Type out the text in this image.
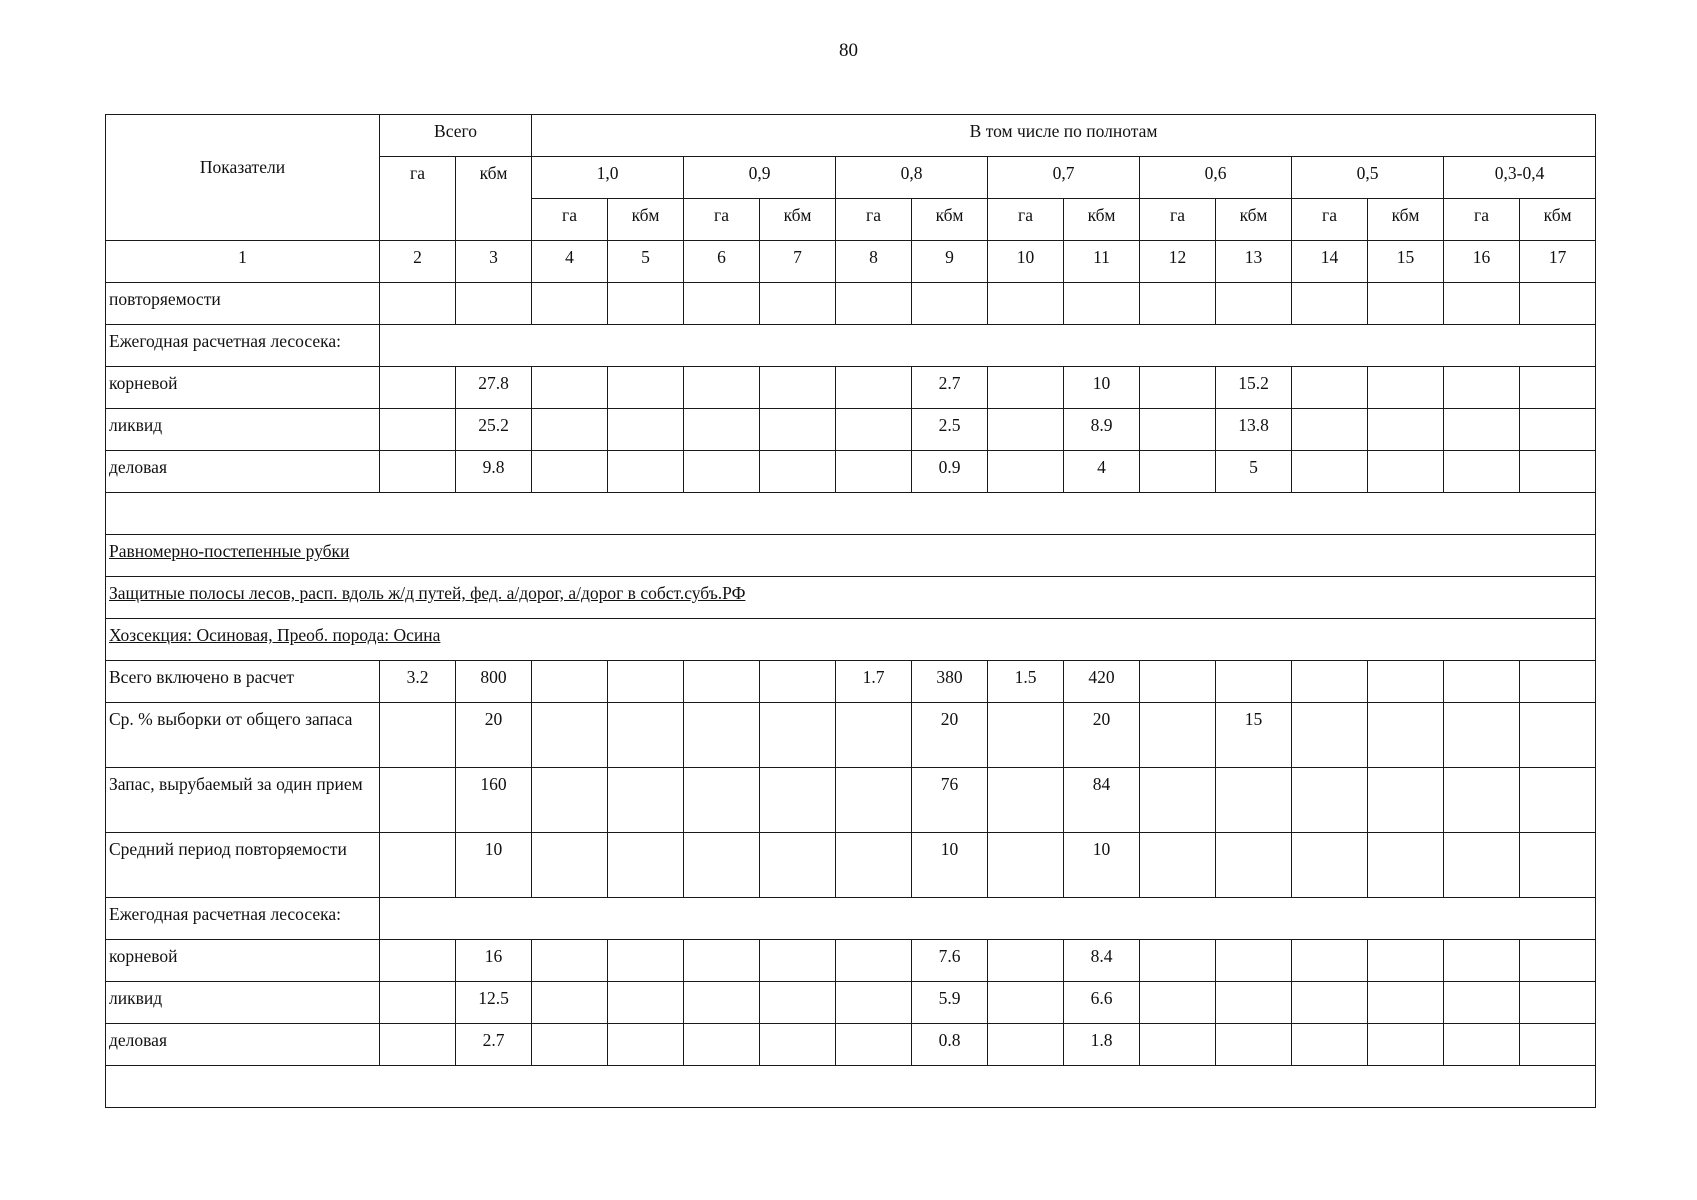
80
Показатели	Всего		В том числе по полнотам													
	га	кбм	1,0		0,9		0,8		0,7		0,6		0,5		0,3-0,4	
			га	кбм	га	кбм	га	кбм	га	кбм	га	кбм	га	кбм	га	кбм
1	2	3	4	5	6	7	8	9	10	11	12	13	14	15	16	17
повторяемости																
Ежегодная расчетная лесосека:																
корневой		27.8						2.7		10		15.2				
ликвид		25.2						2.5		8.9		13.8				
деловая		9.8						0.9		4		5				

Равномерно-постепенные рубки																
Защитные полосы лесов, расп. вдоль ж/д путей, фед. а/дорог, а/дорог в собст.субъ.РФ																
Хозсекция: Осиновая, Преоб. порода: Осина																
Всего включено в расчет	3.2	800					1.7	380	1.5	420						
Ср. % выборки от общего запаса		20						20		20		15				
Запас, вырубаемый за один прием		160						76		84						
Средний период повторяемости		10						10		10						
Ежегодная расчетная лесосека:																
корневой		16						7.6		8.4						
ликвид		12.5						5.9		6.6						
деловая		2.7						0.8		1.8						
